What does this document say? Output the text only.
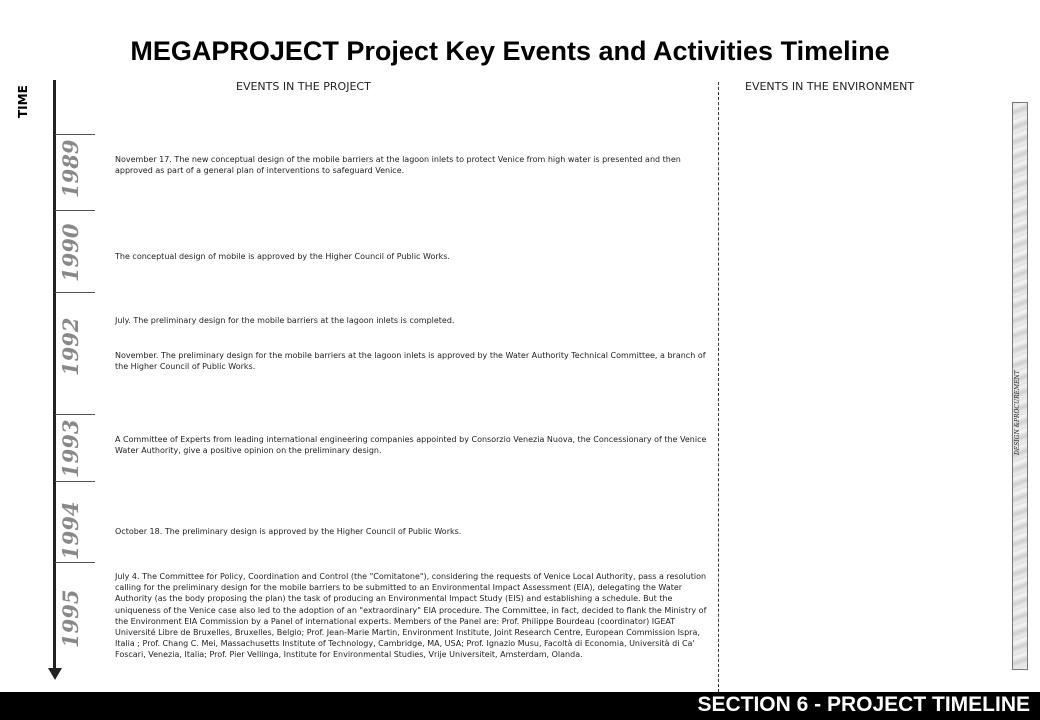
MEGAPROJECT Project Key Events and Activities Timeline
EVENTS IN THE PROJECT	EVENTS IN THE ENVIRONMENT
TIME
1989
1990
1992
1993
1994
1995
November 17. The new conceptual design of the mobile barriers at the lagoon inlets to protect Venice from high water is presented and then approved as part of a general plan of interventions to safeguard Venice.
The conceptual design of mobile is approved by the Higher Council of Public Works.
July. The preliminary design for the mobile barriers at the lagoon inlets is completed.
November. The preliminary design for the mobile barriers at the lagoon inlets is approved by the Water Authority Technical Committee, a branch of the Higher Council of Public Works.
A Committee of Experts from leading international engineering companies appointed by Consorzio Venezia Nuova, the Concessionary of the Venice Water Authority, give a positive opinion on the preliminary design.
October 18. The preliminary design is approved by the Higher Council of Public Works.
July 4. The Committee for Policy, Coordination and Control (the "Comitatone"), considering the requests of Venice Local Authority, pass a resolution calling for the preliminary design for the mobile barriers to be submitted to an Environmental Impact Assessment (EIA), delegating the Water Authority (as the body proposing the plan) the task of producing an Environmental Impact Study (EIS) and establishing a schedule. But the uniqueness of the Venice case also led to the adoption of an "extraordinary" EIA procedure. The Committee, in fact, decided to flank the Ministry of the Environment EIA Commission by a Panel of international experts. Members of the Panel are: Prof. Philippe Bourdeau (coordinator) IGEAT Université Libre de Bruxelles, Bruxelles, Belgio; Prof. Jean-Marie Martin, Environment Institute, Joint Research Centre, European Commission Ispra, Italia ; Prof. Chang C. Mei, Massachusetts Institute of Technology, Cambridge, MA, USA; Prof. Ignazio Musu, Facoltà di Economia, Università di Ca' Foscari, Venezia, Italia; Prof. Pier Vellinga, Institute for Environmental Studies, Vrije Universiteit, Amsterdam, Olanda.
DESIGN &PROCUREMENT
SECTION 6 - PROJECT TIMELINE
